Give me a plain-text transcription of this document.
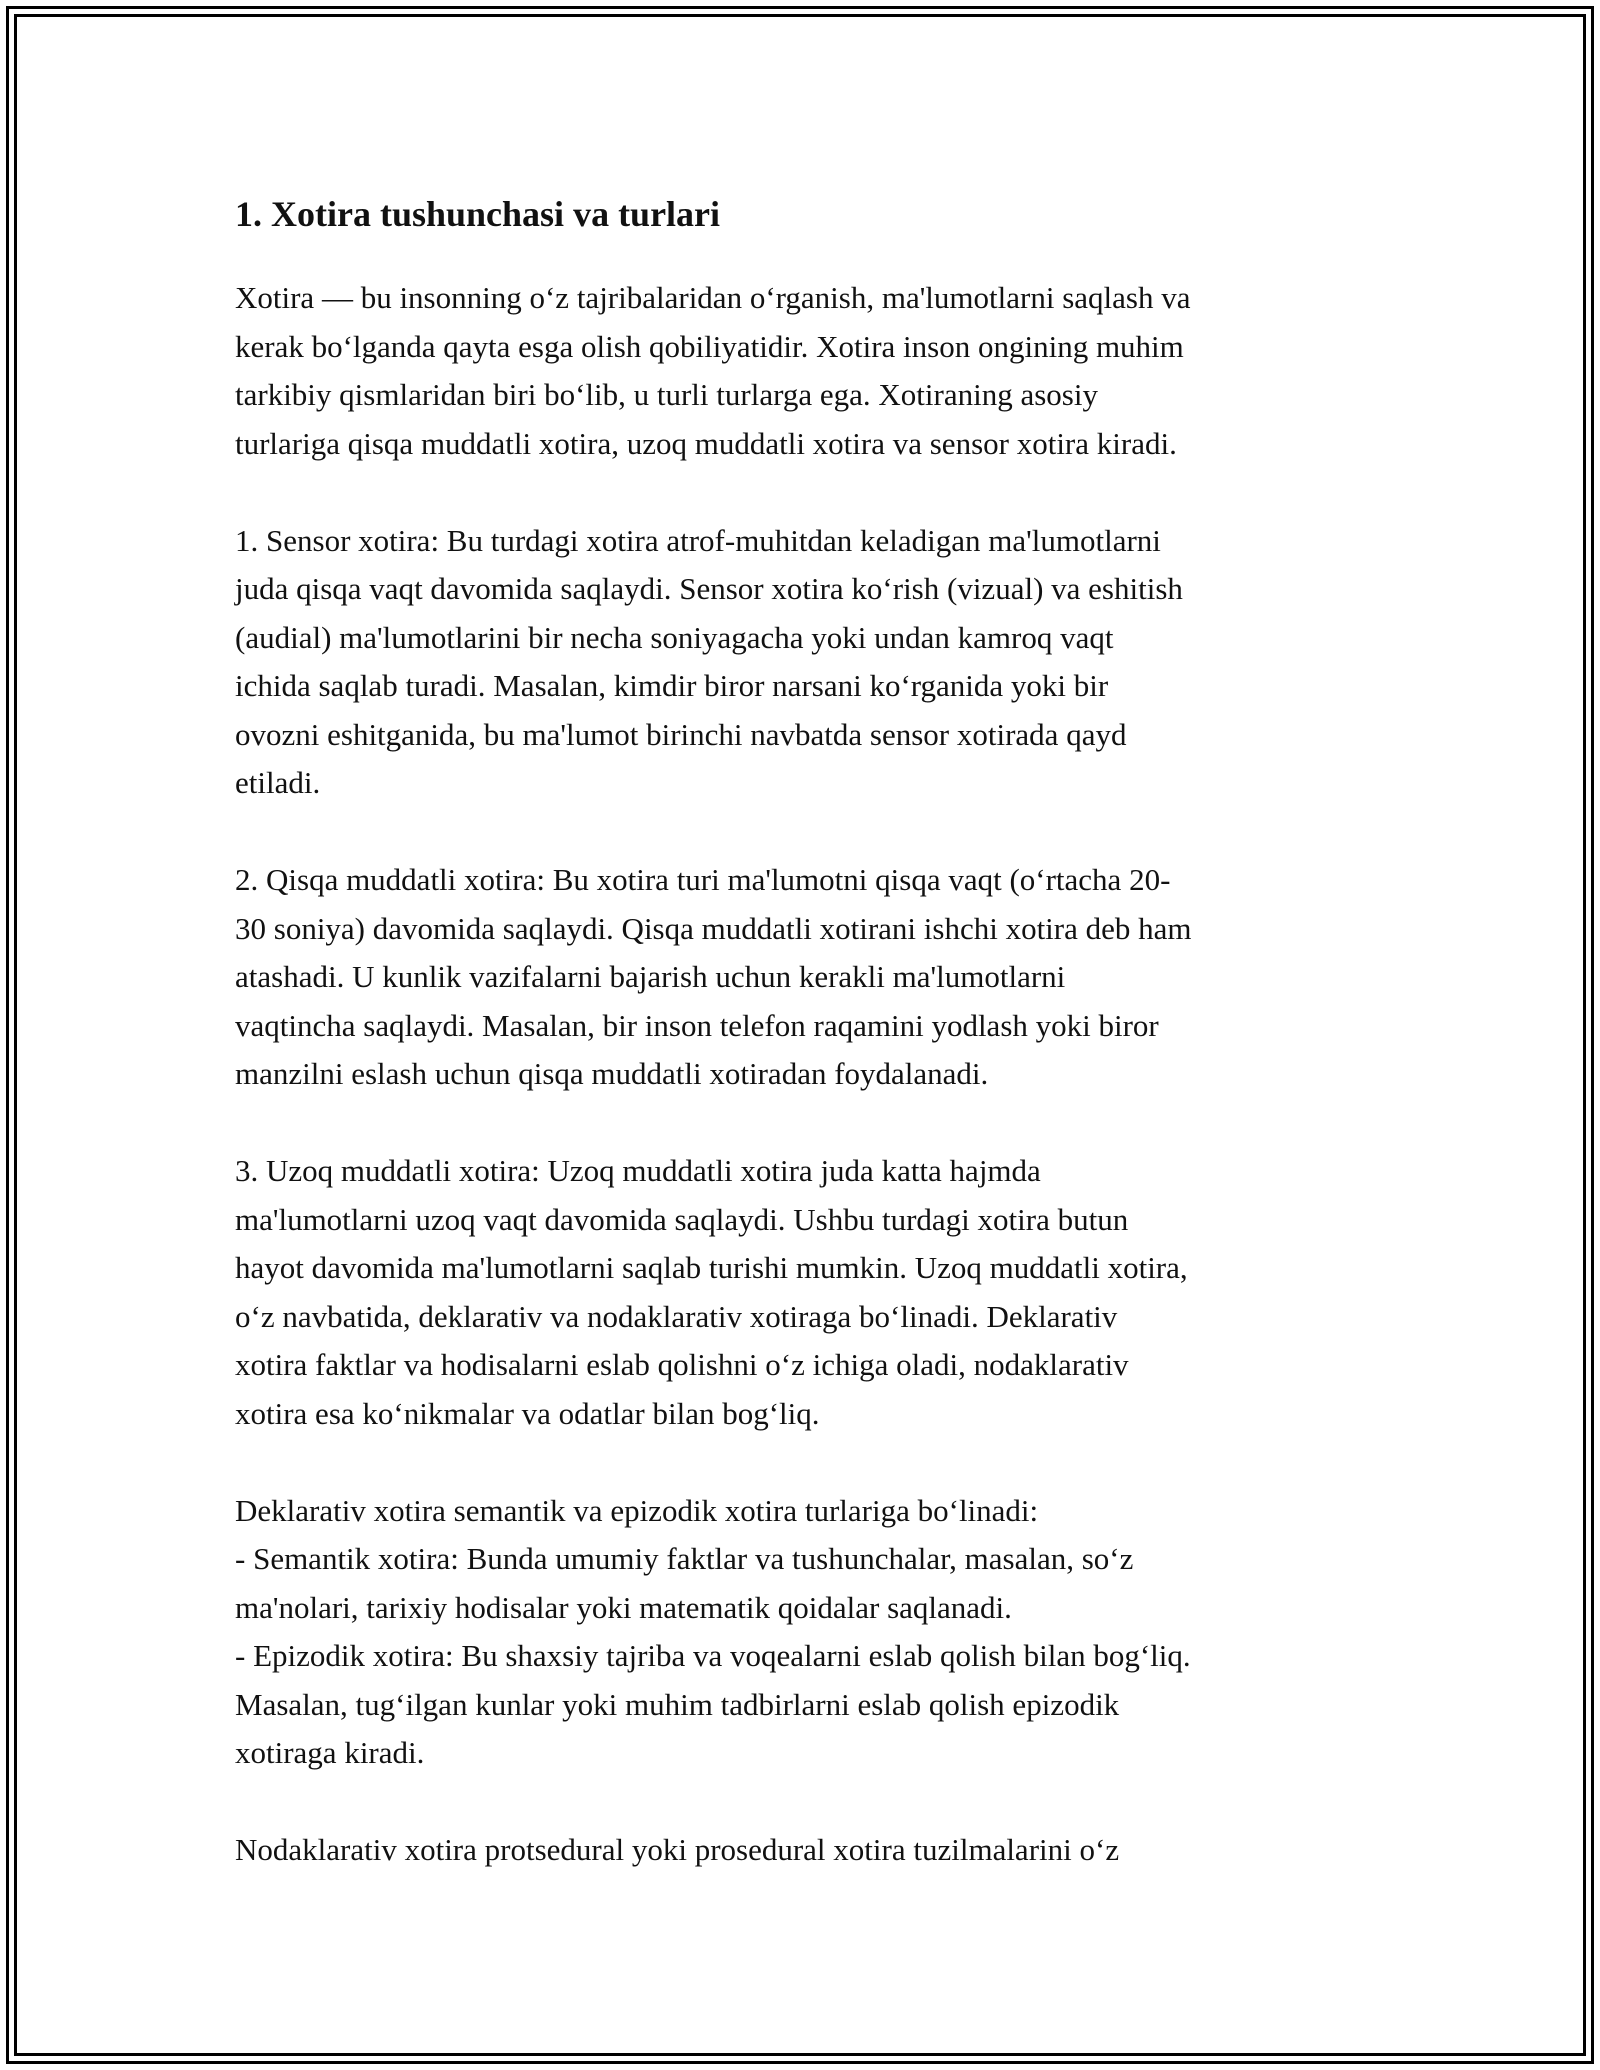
1. Xotira tushunchasi va turlari
Xotira — bu insonning o‘z tajribalaridan o‘rganish, ma'lumotlarni saqlash va
kerak bo‘lganda qayta esga olish qobiliyatidir. Xotira inson ongining muhim
tarkibiy qismlaridan biri bo‘lib, u turli turlarga ega. Xotiraning asosiy
turlariga qisqa muddatli xotira, uzoq muddatli xotira va sensor xotira kiradi.
1. Sensor xotira: Bu turdagi xotira atrof-muhitdan keladigan ma'lumotlarni
juda qisqa vaqt davomida saqlaydi. Sensor xotira ko‘rish (vizual) va eshitish
(audial) ma'lumotlarini bir necha soniyagacha yoki undan kamroq vaqt
ichida saqlab turadi. Masalan, kimdir biror narsani ko‘rganida yoki bir
ovozni eshitganida, bu ma'lumot birinchi navbatda sensor xotirada qayd
etiladi.
2. Qisqa muddatli xotira: Bu xotira turi ma'lumotni qisqa vaqt (o‘rtacha 20-
30 soniya) davomida saqlaydi. Qisqa muddatli xotirani ishchi xotira deb ham
atashadi. U kunlik vazifalarni bajarish uchun kerakli ma'lumotlarni
vaqtincha saqlaydi. Masalan, bir inson telefon raqamini yodlash yoki biror
manzilni eslash uchun qisqa muddatli xotiradan foydalanadi.
3. Uzoq muddatli xotira: Uzoq muddatli xotira juda katta hajmda
ma'lumotlarni uzoq vaqt davomida saqlaydi. Ushbu turdagi xotira butun
hayot davomida ma'lumotlarni saqlab turishi mumkin. Uzoq muddatli xotira,
o‘z navbatida, deklarativ va nodaklarativ xotiraga bo‘linadi. Deklarativ
xotira faktlar va hodisalarni eslab qolishni o‘z ichiga oladi, nodaklarativ
xotira esa ko‘nikmalar va odatlar bilan bog‘liq.
Deklarativ xotira semantik va epizodik xotira turlariga bo‘linadi:
- Semantik xotira: Bunda umumiy faktlar va tushunchalar, masalan, so‘z
ma'nolari, tarixiy hodisalar yoki matematik qoidalar saqlanadi.
- Epizodik xotira: Bu shaxsiy tajriba va voqealarni eslab qolish bilan bog‘liq.
Masalan, tug‘ilgan kunlar yoki muhim tadbirlarni eslab qolish epizodik
xotiraga kiradi.
Nodaklarativ xotira protsedural yoki prosedural xotira tuzilmalarini o‘z
